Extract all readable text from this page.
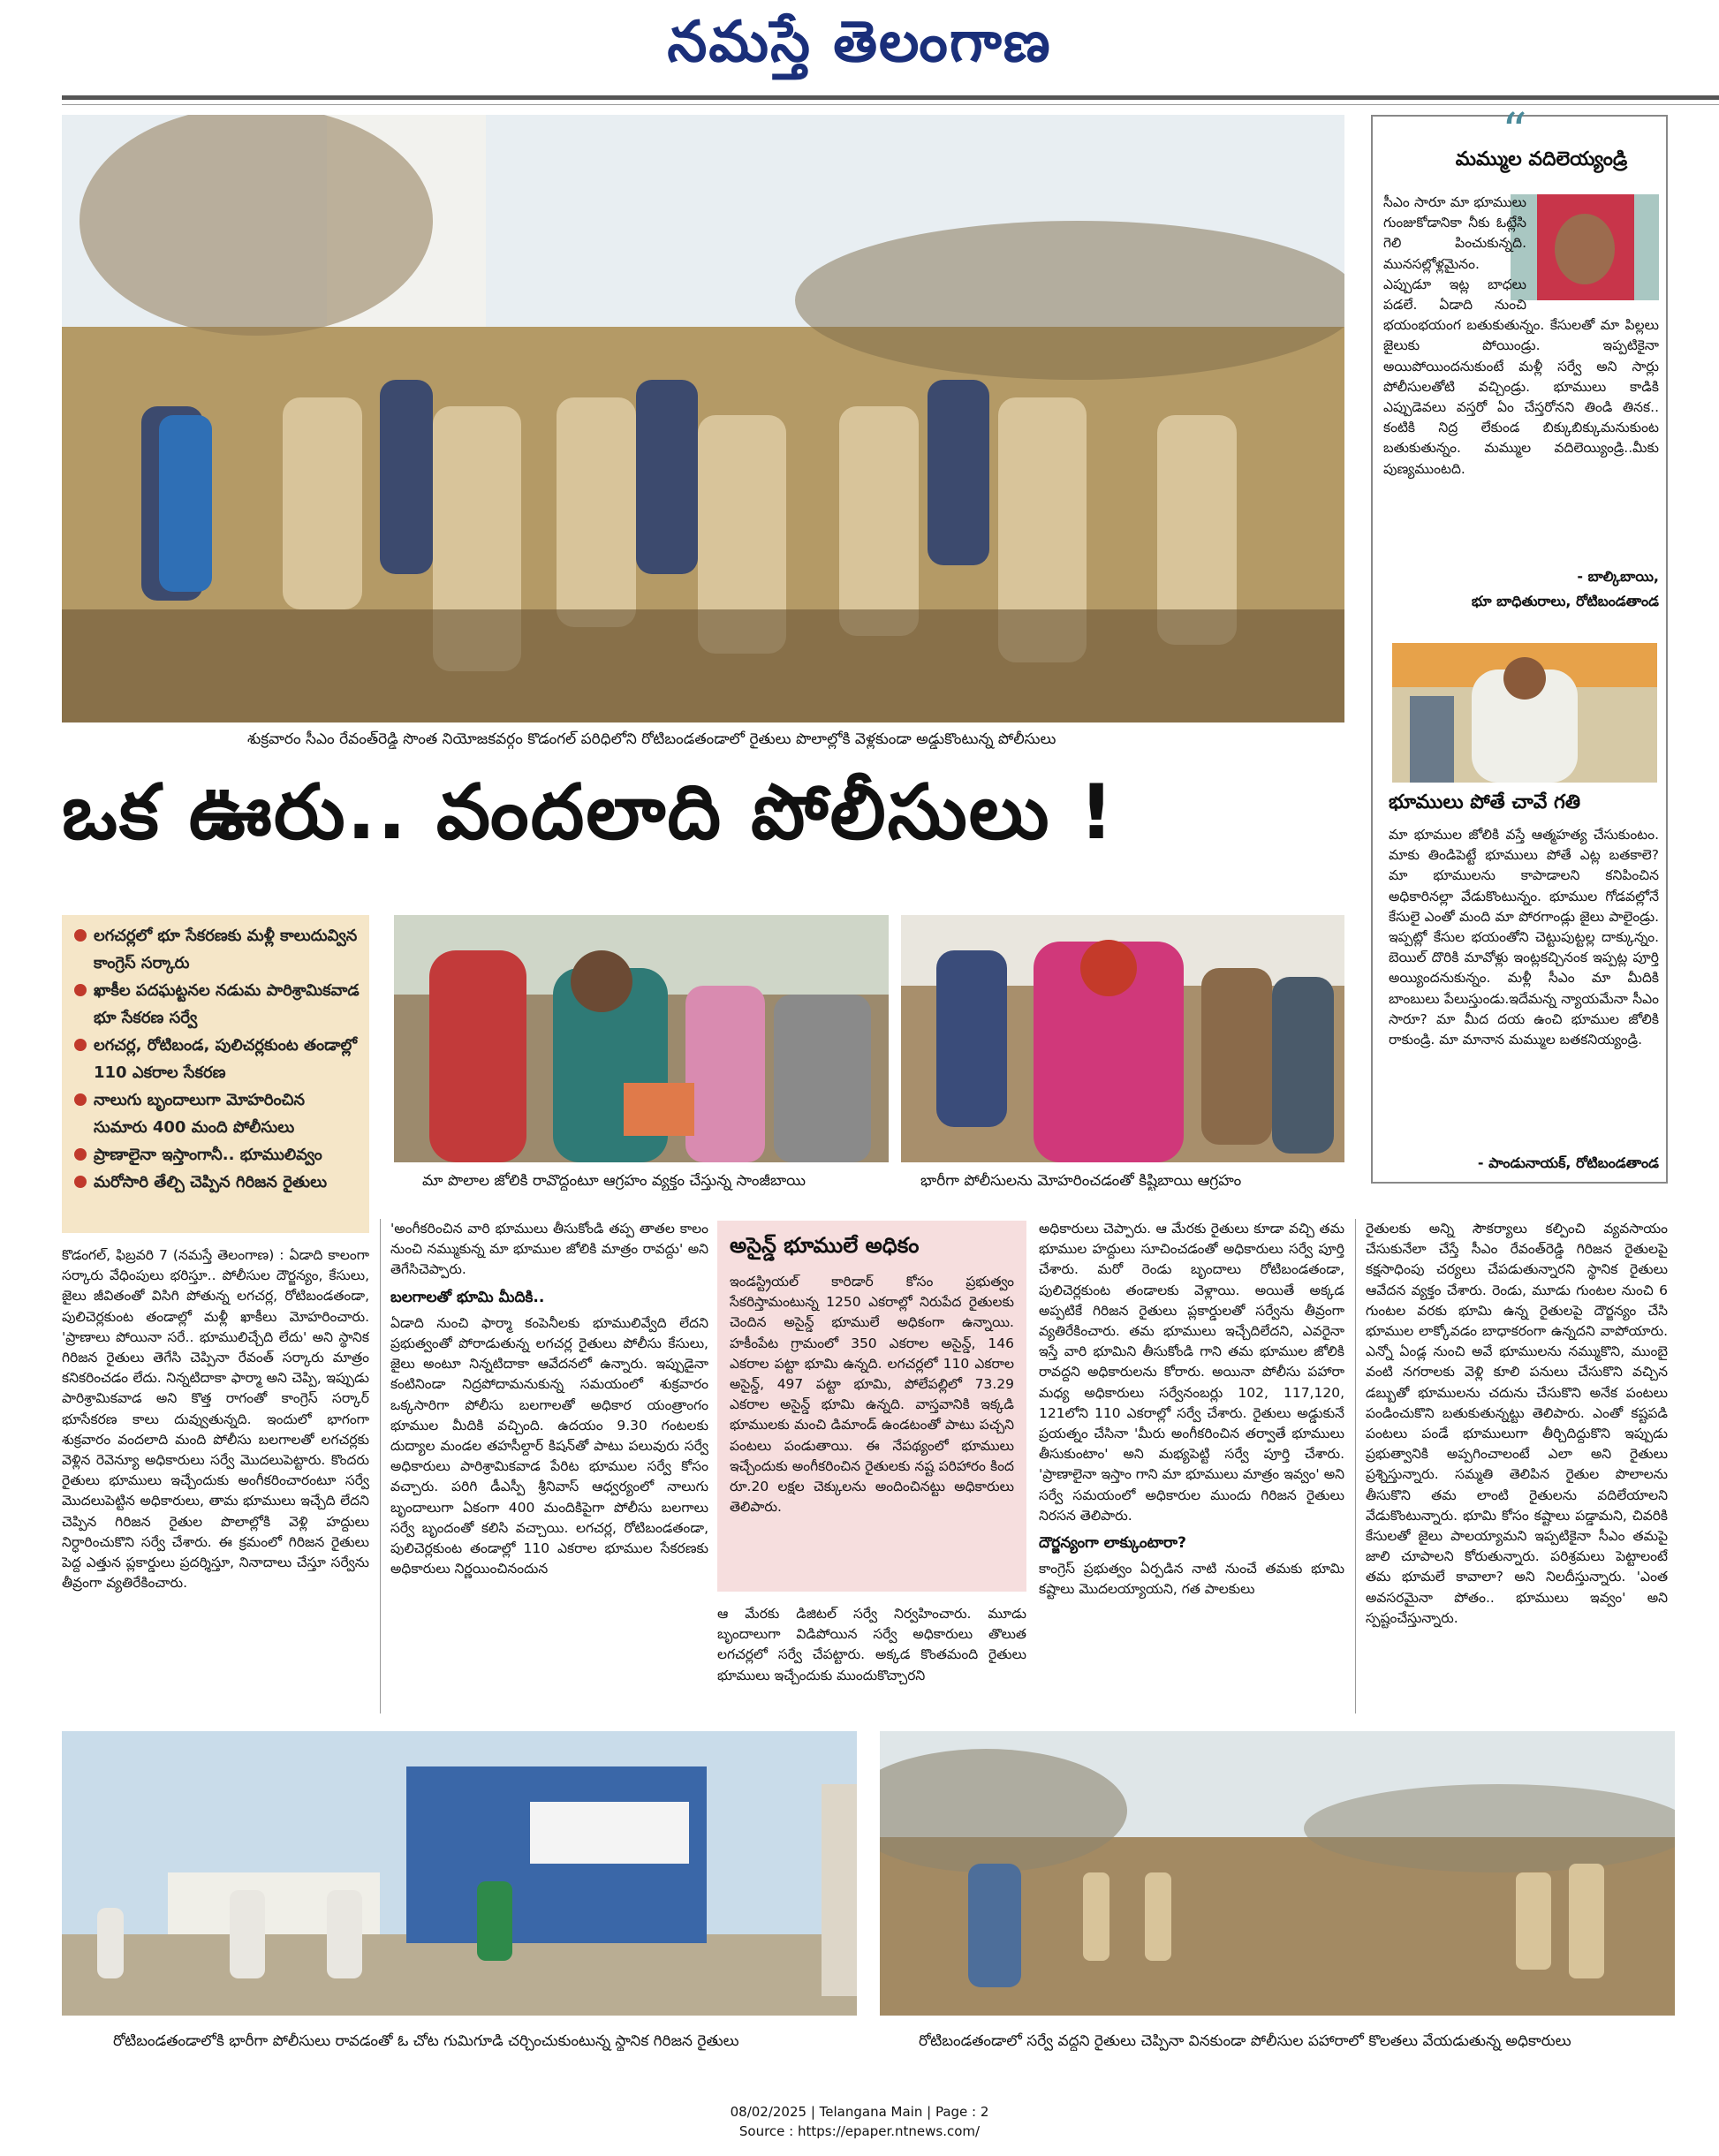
నమస్తే తెలంగాణ
శుక్రవారం సీఎం రేవంత్‌రెడ్డి సొంత నియోజకవర్గం కొడంగల్‌ పరిధిలోని రోటిబండతండాలో రైతులు పొలాల్లోకి వెళ్లకుండా అడ్డుకొంటున్న పోలీసులు
ఒక ఊరు.. వందలాది పోలీసులు !
లగచర్లలో భూ సేకరణకు మళ్లీ కాలుదువ్విన కాంగ్రెస్‌ సర్కారు
ఖాకీల పదఘట్టనల నడుమ పారిశ్రామికవాడ భూ సేకరణ సర్వే
లగచర్ల, రోటిబండ, పులిచర్లకుంట తండాల్లో 110 ఎకరాల సేకరణ
నాలుగు బృందాలుగా మోహరించిన సుమారు 400 మంది పోలీసులు
ప్రాణాలైనా ఇస్తాంగానీ.. భూములివ్వం
మరోసారి తేల్చి చెప్పిన గిరిజన రైతులు	మా పొలాల జోలికి రావొద్దంటూ ఆగ్రహం వ్యక్తం చేస్తున్న సాంజీబాయి	భారీగా పోలీసులను మోహరించడంతో కిష్టిబాయి ఆగ్రహం

కొడంగల్‌, ఫిబ్రవరి 7 (నమస్తే తెలంగాణ) : ఏడాది కాలంగా సర్కారు వేధింపులు భరిస్తూ.. పోలీసుల దౌర్జన్యం, కేసులు, జైలు జీవితంతో విసిగి పోతున్న లగచర్ల, రోటిబండతండా, పులిచెర్లకుంట తండాల్లో మళ్లీ ఖాకీలు మోహరించారు. 'ప్రాణాలు పోయినా సరే.. భూములిచ్చేది లేదు' అని స్థానిక గిరిజన రైతులు తెగేసి చెప్పినా రేవంత్‌ సర్కారు మాత్రం కనికరించడం లేదు. నిన్నటిదాకా ఫార్మా అని చెప్పి, ఇప్పుడు పారిశ్రామికవాడ అని కొత్త రాగంతో కాంగ్రెస్‌ సర్కార్‌ భూసేకరణ కాలు దువ్వుతున్నది. ఇందులో భాగంగా శుక్రవారం వందలాది మంది పోలీసు బలగాలతో లగచర్లకు వెళ్లిన రెవెన్యూ అధికారులు సర్వే మొదలుపెట్టారు. కొందరు రైతులు భూములు ఇచ్చేందుకు అంగీకరించారంటూ సర్వే మొదలుపెట్టిన అధికారులు, తామ భూములు ఇచ్చేది లేదని చెప్పిన గిరిజన రైతుల పొలాల్లోకి వెళ్లి హద్దులు నిర్ధారించుకొని సర్వే చేశారు. ఈ క్రమంలో గిరిజన రైతులు పెద్ద ఎత్తున ప్లకార్డులు ప్రదర్శిస్తూ, నినాదాలు చేస్తూ సర్వేను తీవ్రంగా వ్యతిరేకించారు.

'అంగీకరించిన వారి భూములు తీసుకోండి తప్ప తాతల కాలం నుంచి నమ్ముకున్న మా భూముల జోలికి మాత్రం రావద్దు' అని తెగేసిచెప్పారు.

బలగాలతో భూమి మీదికి..

ఏడాది నుంచి ఫార్మా కంపెనీలకు భూములివ్వేది లేదని ప్రభుత్వంతో పోరాడుతున్న లగచర్ల రైతులు పోలీసు కేసులు, జైలు అంటూ నిన్నటిదాకా ఆవేదనలో ఉన్నారు. ఇప్పుడైనా కంటినిండా నిద్రపోదామనుకున్న సమయంలో శుక్రవారం ఒక్కసారిగా పోలీసు బలగాలతో అధికార యంత్రాంగం భూముల మీదికి వచ్చింది. ఉదయం 9.30 గంటలకు దుద్యాల మండల తహసీల్దార్‌ కిషన్‌తో పాటు పలువురు సర్వే అధికారులు పారిశ్రామికవాడ పేరిట భూముల సర్వే కోసం వచ్చారు. పరిగి డీఎస్పీ శ్రీనివాస్‌ ఆధ్వర్యంలో నాలుగు బృందాలుగా ఏకంగా 400 మందికిపైగా పోలీసు బలగాలు సర్వే బృందంతో కలిసి వచ్చాయి. లగచర్ల, రోటిబండతండా, పులిచెర్లకుంట తండాల్లో 110 ఎకరాల భూముల సేకరణకు అధికారులు నిర్ణయించినందున

అసైన్డ్‌ భూములే అధికం
ఇండస్ట్రియల్‌ కారిడార్‌ కోసం ప్రభుత్వం సేకరిస్తామంటున్న 1250 ఎకరాల్లో నిరుపేద రైతులకు చెందిన అసైన్డ్‌ భూములే అధికంగా ఉన్నాయి. హకీంపేట గ్రామంలో 350 ఎకరాల అసైన్డ్‌, 146 ఎకరాల పట్టా భూమి ఉన్నది. లగచర్లలో 110 ఎకరాల అసైన్డ్‌, 497 పట్టా భూమి, పోలేపల్లిలో 73.29 ఎకరాల అసైన్డ్‌ భూమి ఉన్నది. వాస్తవానికి ఇక్కడి భూములకు మంచి డిమాండ్‌ ఉండటంతో పాటు పచ్చని పంటలు పండుతాయి. ఈ నేపథ్యంలో భూములు ఇచ్చేందుకు అంగీకరించిన రైతులకు నష్ట పరిహారం కింద రూ.20 లక్షల చెక్కులను అందించినట్టు అధికారులు తెలిపారు.
ఆ మేరకు డిజిటల్‌ సర్వే నిర్వహించారు. మూడు బృందాలుగా విడిపోయిన సర్వే అధికారులు తొలుత లగచర్లలో సర్వే చేపట్టారు. అక్కడ కొంతమంది రైతులు భూములు ఇచ్చేందుకు ముందుకొచ్చారని

అధికారులు చెప్పారు. ఆ మేరకు రైతులు కూడా వచ్చి తమ భూముల హద్దులు సూచించడంతో అధికారులు సర్వే పూర్తి చేశారు. మరో రెండు బృందాలు రోటిబండతండా, పులిచెర్లకుంట తండాలకు వెళ్లాయి. అయితే అక్కడ అప్పటికే గిరిజన రైతులు ప్లకార్డులతో సర్వేను తీవ్రంగా వ్యతిరేకించారు. తమ భూములు ఇచ్చేదిలేదని, ఎవరైనా ఇస్తే వారి భూమిని తీసుకోండి గాని తమ భూముల జోలికి రావద్దని అధికారులను కోరారు. అయినా పోలీసు పహారా మధ్య అధికారులు సర్వేనంబర్లు 102, 117,120, 121లోని 110 ఎకరాల్లో సర్వే చేశారు. రైతులు అడ్డుకునే ప్రయత్నం చేసినా 'మీరు అంగీకరించిన తర్వాతే భూములు తీసుకుంటాం' అని మభ్యపెట్టి సర్వే పూర్తి చేశారు. 'ప్రాణాలైనా ఇస్తాం గాని మా భూములు మాత్రం ఇవ్వం' అని సర్వే సమయంలో అధికారుల ముందు గిరిజన రైతులు నిరసన తెలిపారు.

దౌర్జన్యంగా లాక్కుంటారా?

కాంగ్రెస్‌ ప్రభుత్వం ఏర్పడిన నాటి నుంచే తమకు భూమి కష్టాలు మొదలయ్యాయని, గత పాలకులు

రైతులకు అన్ని సౌకర్యాలు కల్పించి వ్యవసాయం చేసుకునేలా చేస్తే సీఎం రేవంత్‌రెడ్డి గిరిజన రైతులపై కక్షసాధింపు చర్యలు చేపడుతున్నారని స్థానిక రైతులు ఆవేదన వ్యక్తం చేశారు. రెండు, మూడు గుంటల నుంచి 6 గుంటల వరకు భూమి ఉన్న రైతులపై దౌర్జన్యం చేసి భూముల లాక్కోవడం బాధాకరంగా ఉన్నదని వాపోయారు. ఎన్నో ఏండ్ల నుంచి అవే భూములను నమ్ముకొని, ముంబై వంటి నగరాలకు వెళ్లి కూలి పనులు చేసుకొని వచ్చిన డబ్బుతో భూములను చదును చేసుకొని అనేక పంటలు పండించుకొని బతుకుతున్నట్టు తెలిపారు. ఎంతో కష్టపడి పంటలు పండే భూములుగా తీర్చిదిద్దుకొని ఇప్పుడు ప్రభుత్వానికి అప్పగించాలంటే ఎలా అని రైతులు ప్రశ్నిస్తున్నారు. సమ్మతి తెలిపిన రైతుల పొలాలను తీసుకొని తమ లాంటి రైతులను వదిలేయాలని వేడుకొంటున్నారు. భూమి కోసం కష్టాలు పడ్డామని, చివరికి కేసులతో జైలు పాలయ్యామని ఇప్పటికైనా సీఎం తమపై జాలి చూపాలని కోరుతున్నారు. పరిశ్రమలు పెట్టాలంటే తమ భూమలే కావాలా? అని నిలదీస్తున్నారు. 'ఎంత అవసరమైనా పోతం.. భూములు ఇవ్వం' అని స్పష్టంచేస్తున్నారు.
“
మమ్ముల వదిలెయ్యండ్రి
సీఎం సారూ మా భూములు గుంజుకోడానికా నీకు ఓట్లేసి గెలి పించుకున్నది. మునసల్లోళ్లమైనం. ఎప్పుడూ ఇట్ల బాధలు పడలే. ఏడాది నుంచి భయంభయంగ బతుకుతున్నం. కేసులతో మా పిల్లలు జైలుకు పోయిండ్రు. ఇప్పటికైనా అయిపోయిందనుకుంటే మళ్లీ సర్వే అని సార్లు పోలీసులతోటి వచ్చిండ్రు. భూములు కాడికి ఎప్పుడెవలు వస్తరో ఏం చేస్తరోనని తిండి తినక.. కంటికి నిద్ర లేకుండ బిక్కుబిక్కుమనుకుంట బతుకుతున్నం. మమ్ముల వదిలెయ్యిండ్రి..మీకు పుణ్యముంటది.
- బాల్కిబాయి,
భూ బాధితురాలు, రోటిబండతాండ
భూములు పోతే చావే గతి
మా భూముల జోలికి వస్తే ఆత్మహత్య చేసుకుంటం. మాకు తిండిపెట్టే భూములు పోతే ఎట్ల బతకాలె? మా భూములను కాపాడాలని కనిపించిన అధికారినల్లా వేడుకొంటున్నం. భూముల గోడవల్లోనే కేసులై ఎంతో మంది మా పోరగాండ్లు జైలు పాలైండ్రు. ఇప్పట్లో కేసుల భయంతోని చెట్టుపుట్టల్ల దాక్కున్నం. బెయిల్‌ దొరికి మావోళ్లు ఇంట్లకచ్చినంక ఇప్పట్ల పూర్తి అయ్యిందనుకున్నం. మళ్లీ సీఎం మా మీదికి బాంబులు పేలుస్తుండు.ఇదేమన్న న్యాయమేనా సీఎం సారూ? మా మీద దయ ఉంచి భూముల జోలికి రాకుండ్రి. మా మానాన మమ్ముల బతకనియ్యండ్రి.
- పాండునాయక్‌, రోటిబండతాండ
రోటిబండతండాలోకి భారీగా పోలీసులు రావడంతో ఓ చోట గుమిగూడి చర్చించుకుంటున్న స్థానిక గిరిజన రైతులు	రోటిబండతండాలో సర్వే వద్దని రైతులు చెప్పినా వినకుండా పోలీసుల పహారాలో కొలతలు వేయడుతున్న అధికారులు
08/02/2025 | Telangana Main | Page : 2
Source : https://epaper.ntnews.com/
